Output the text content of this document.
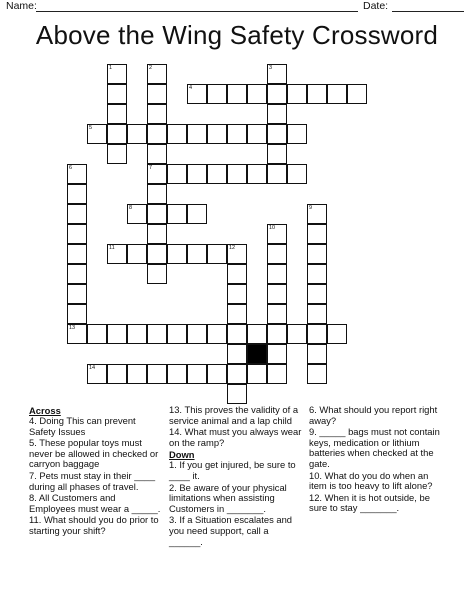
Name:	Date:
Above the Wing Safety Crossword
1	2	3
4
5
6	7
8	9
10
11	12
13
14
Across

4. Doing This can prevent Safety Issues

5. These popular toys must never be allowed in checked or carryon baggage

7. Pets must stay in their ____ during all phases of travel.

8. All Customers and Employees must wear a _____.

11. What should you do prior to starting your shift?

13. This proves the validity of a service animal and a lap child

14. What must you always wear on the ramp?

Down

1. If you get injured, be sure to ____ it.

2. Be aware of your physical limitations when assisting Customers in _______.

3. If a Situation escalates and you need support, call a ______.

6. What should you report right away?

9. _____ bags must not contain keys, medication or lithium batteries when checked at the gate.

10. What do you do when an item is too heavy to lift alone?

12. When it is hot outside, be sure to stay _______.
